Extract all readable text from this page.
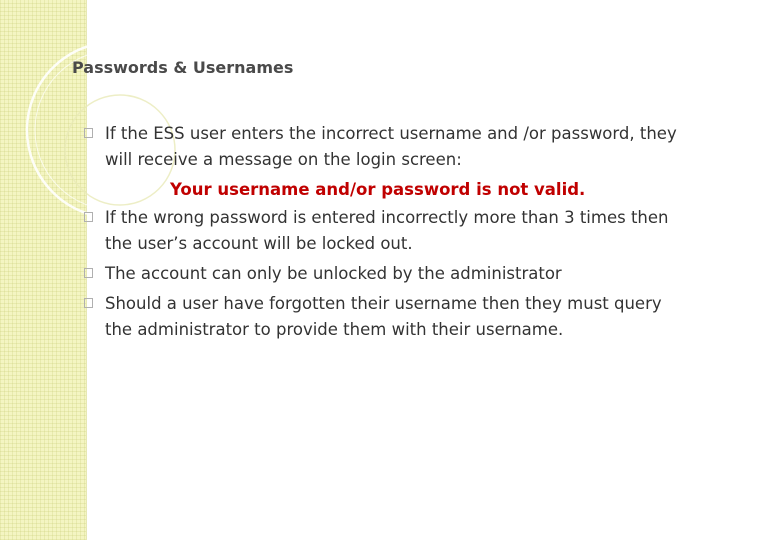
Passwords & Usernames

If the ESS user enters the incorrect username and /or password, they will receive a message on the login screen:

Your username and/or password is not valid.

If the wrong password is entered incorrectly more than 3 times then the user’s account will be locked out.

The account can only be unlocked by the administrator

Should a user have forgotten their username then they must query the administrator to provide them with their username.
